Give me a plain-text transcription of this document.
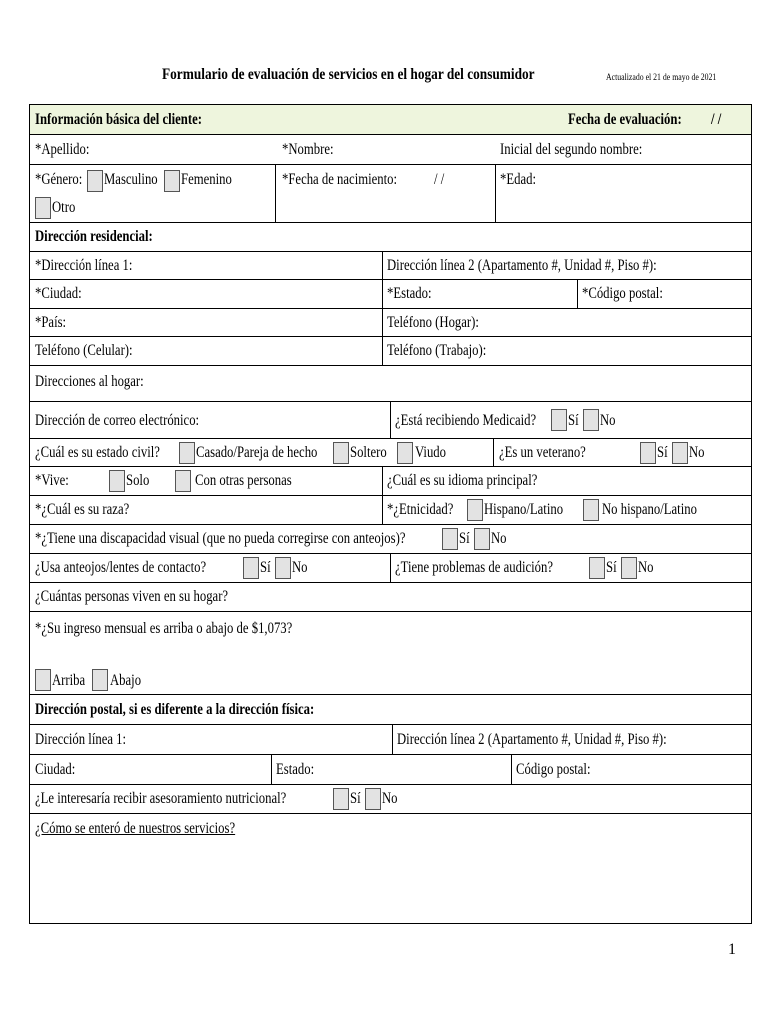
Formulario de evaluación de servicios en el hogar del consumidor	Actualizado el 21 de mayo de 2021
Información básica del cliente:	Fecha de evaluación: / /
*Apellido:	*Nombre:	Inicial del segundo nombre:
*Género: Masculino Femenino
Otro
*Fecha de nacimiento: / /	*Edad:
Dirección residencial:
*Dirección línea 1:	Dirección línea 2 (Apartamento #, Unidad #, Piso #):
*Ciudad:	*Estado:	*Código postal:
*País:	Teléfono (Hogar):
Teléfono (Celular):	Teléfono (Trabajo):
Direcciones al hogar:
Dirección de correo electrónico:	¿Está recibiendo Medicaid? Sí No
¿Cuál es su estado civil? Casado/Pareja de hecho Soltero Viudo	¿Es un veterano?	Sí No
*Vive:	Solo	Con otras personas	¿Cuál es su idioma principal?
*¿Cuál es su raza?	*¿Etnicidad? Hispano/Latino	No hispano/Latino
*¿Tiene una discapacidad visual (que no pueda corregirse con anteojos)?	Sí No
¿Usa anteojos/lentes de contacto?	Sí No	¿Tiene problemas de audición?	Sí No
¿Cuántas personas viven en su hogar?
*¿Su ingreso mensual es arriba o abajo de $1,073?
Arriba Abajo
Dirección postal, si es diferente a la dirección física:
Dirección línea 1:	Dirección línea 2 (Apartamento #, Unidad #, Piso #):
Ciudad:	Estado:	Código postal:
¿Le interesaría recibir asesoramiento nutricional?	Sí No
¿Cómo se enteró de nuestros servicios?
1
